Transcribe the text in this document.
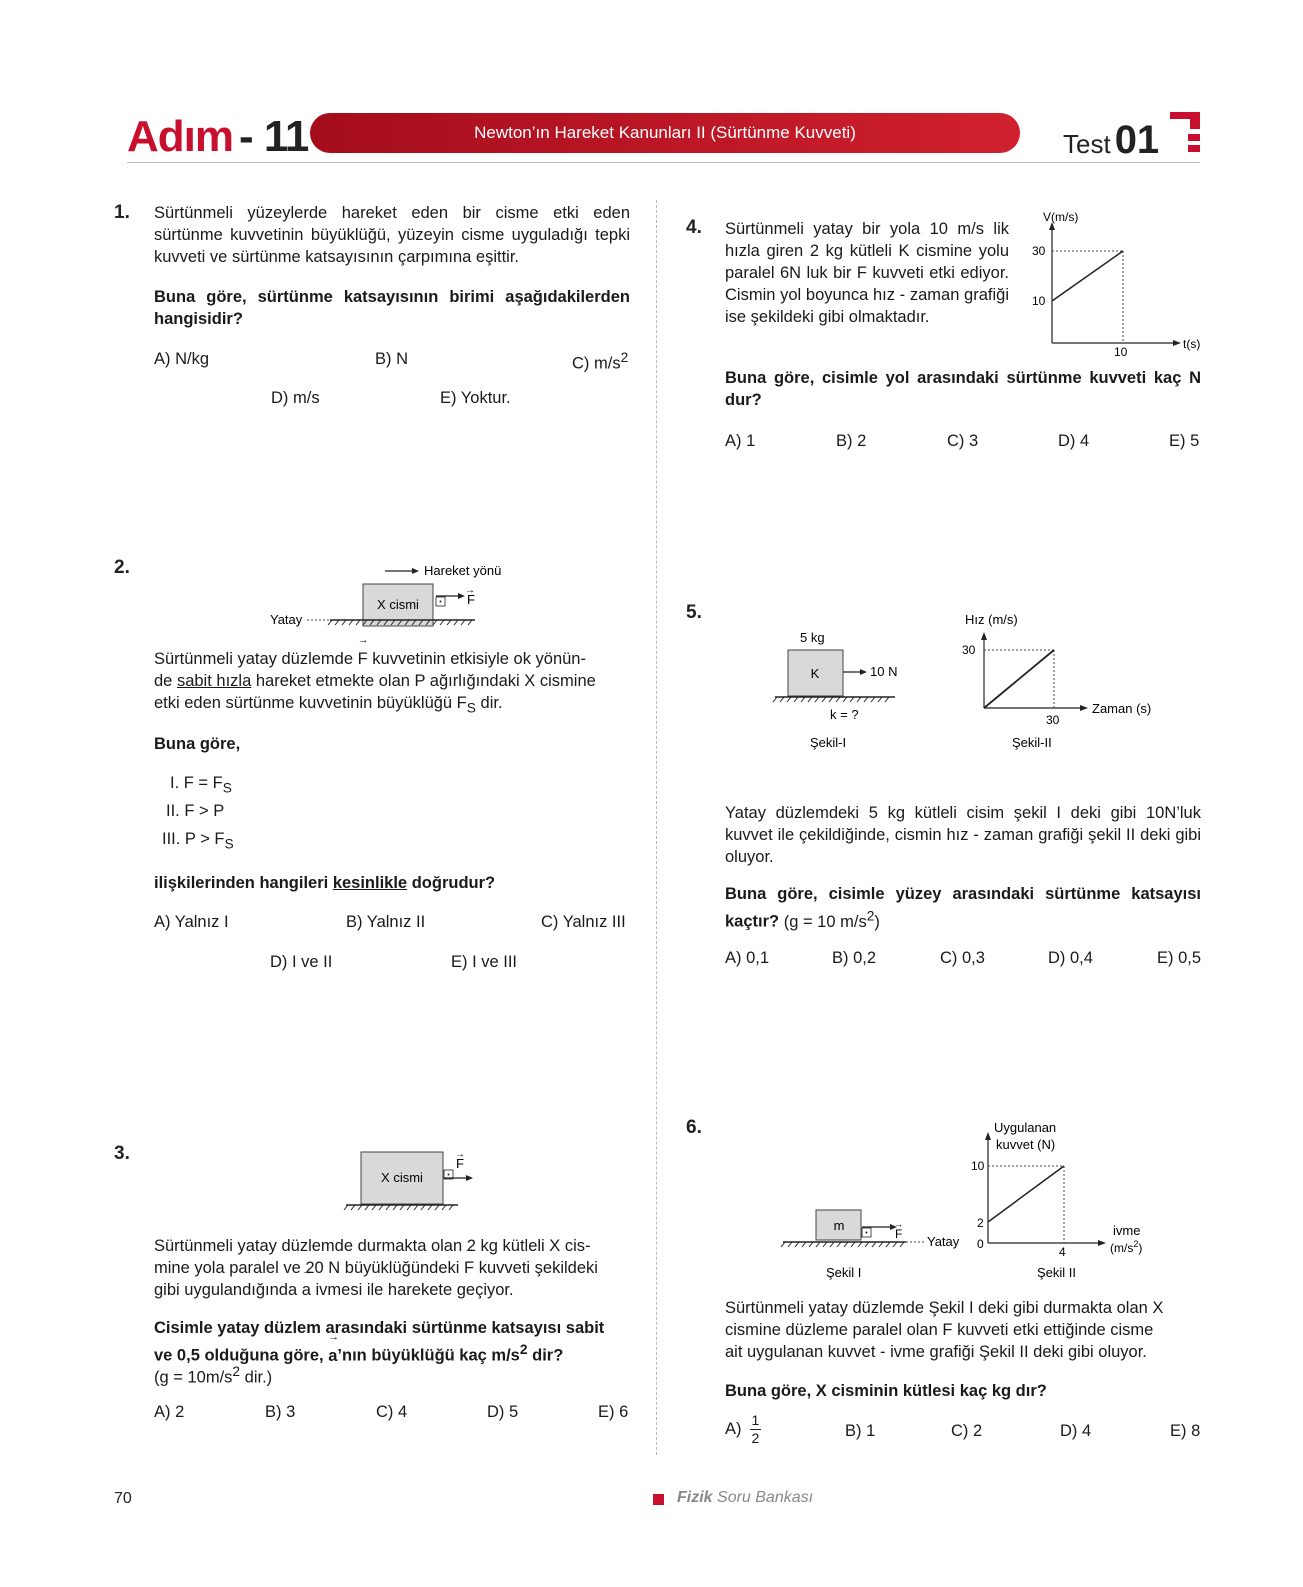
Adım - 11	Newton’ın Hareket Kanunları II (Sürtünme Kuvveti)	Test 01
1. Sürtünmeli yüzeylerde hareket eden bir cisme etki eden sürtünme kuvvetinin büyüklüğü, yüzeyin cisme uyguladığı tepki kuvveti ve sürtünme katsayısının çarpımına eşittir.
Buna göre, sürtünme katsayısının birimi aşağıdakilerden hangisidir?
A) N/kg	B) N	C) $m/s^2$
D) m/s	E) Yoktur.
2.	Hareket yönü
X cismi	F
→
Yatay
Sürtünmeli yatay düzlemde → F kuvvetinin etkisiyle ok yönün-
de sabit hızla hareket etmekte olan P ağırlığındaki X cismine
etki eden sürtünme kuvvetinin büyüklüğü $F_S$ dir.
Buna göre,
I. $F = F_S$
II. F > P
III. $P > F_S$
ilişkilerinden hangileri kesinlikle doğrudur?
A) Yalnız I	B) Yalnız II	C) Yalnız III
D) I ve II	E) I ve III
3.
X cismi
F
→
Sürtünmeli yatay düzlemde durmakta olan 2 kg kütleli X cis-
mine yola paralel ve 20 N büyüklüğündeki → F kuvveti şekildeki
gibi uygulandığında → a ivmesi ile harekete geçiyor.
Cisimle yatay düzlem arasındaki sürtünme katsayısı sabit
ve 0,5 olduğuna göre, → a’nın büyüklüğü kaç $m/s^2$ dir?
($g = 10m/s^2$ dir.)
A) 2	B) 3	C) 4	D) 5	E) 6
4. Sürtünmeli yatay bir yola 10 m/s lik hızla giren 2 kg kütleli K cismine yolu paralel 6N luk bir F kuvveti etki ediyor. Cismin yol boyunca hız - zaman grafiği ise şekildeki gibi olmaktadır.
V(m/s)
t(s)
30
10
10
Buna göre, cisimle yol arasındaki sürtünme kuvveti kaç N dur?
A) 1	B) 2	C) 3	D) 4	E) 5
5.
5 kg
K	10 N
k = ?
Şekil-I
Hız (m/s)
Zaman (s)
30
30
Şekil-II
Yatay düzlemdeki 5 kg kütleli cisim şekil I deki gibi 10N’luk kuvvet ile çekildiğinde, cismin hız - zaman grafiği şekil II deki gibi oluyor.
Buna göre, cisimle yüzey arasındaki sürtünme katsayısı
kaçtır? (g = 10 $m/s^2$)
A) 0,1	B) 0,2	C) 0,3	D) 0,4	E) 0,5
6.
m
F
→
Yatay
Şekil I
Uygulanan
kuvvet (N)
10
2
0
4
ivme
$(m/s^2)$
Şekil II
Sürtünmeli yatay düzlemde Şekil I deki gibi durmakta olan X
cismine düzleme paralel olan → F kuvveti etki ettiğinde cisme
ait uygulanan kuvvet - ivme grafiği Şekil II deki gibi oluyor.
Buna göre, X cisminin kütlesi kaç kg dır?
A) 1
2	B) 1	C) 2	D) 4	E) 8
70	Fizik Soru Bankası
